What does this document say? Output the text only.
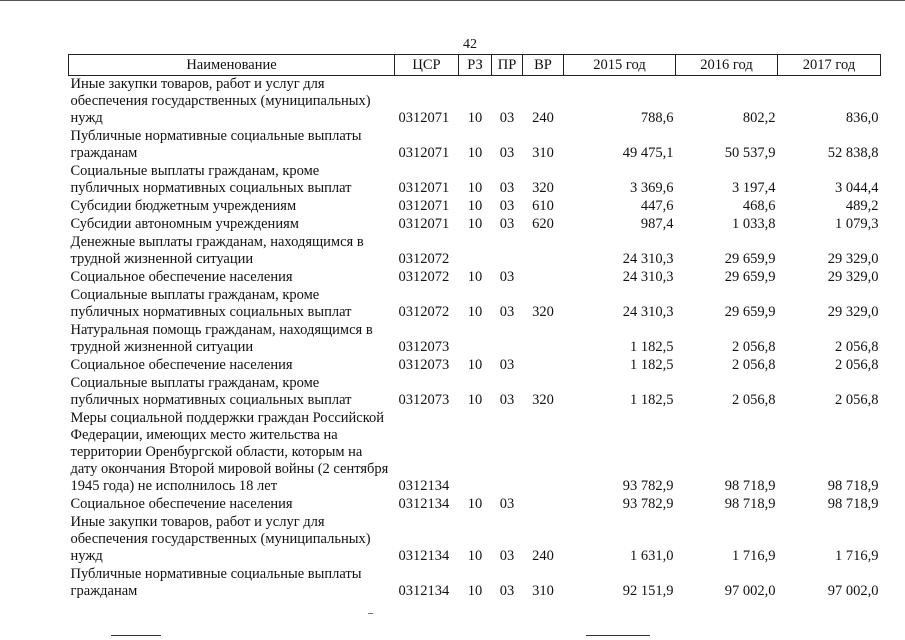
42
Наименование	ЦСР	РЗ	ПР	ВР	2015 год	2016 год	2017 год
Иные закупки товаров, работ и услуг для обеспечения государственных (муниципальных) нужд	0312071	10	03	240	788,6	802,2	836,0
Публичные нормативные социальные выплаты гражданам	0312071	10	03	310	49 475,1	50 537,9	52 838,8
Социальные выплаты гражданам, кроме публичных нормативных социальных выплат	0312071	10	03	320	3 369,6	3 197,4	3 044,4
Субсидии бюджетным учреждениям	0312071	10	03	610	447,6	468,6	489,2
Субсидии автономным учреждениям	0312071	10	03	620	987,4	1 033,8	1 079,3
Денежные выплаты гражданам, находящимся в трудной жизненной ситуации	0312072				24 310,3	29 659,9	29 329,0
Социальное обеспечение населения	0312072	10	03		24 310,3	29 659,9	29 329,0
Социальные выплаты гражданам, кроме публичных нормативных социальных выплат	0312072	10	03	320	24 310,3	29 659,9	29 329,0
Натуральная помощь гражданам, находящимся в трудной жизненной ситуации	0312073				1 182,5	2 056,8	2 056,8
Социальное обеспечение населения	0312073	10	03		1 182,5	2 056,8	2 056,8
Социальные выплаты гражданам, кроме публичных нормативных социальных выплат	0312073	10	03	320	1 182,5	2 056,8	2 056,8
Меры социальной поддержки граждан Российской Федерации, имеющих место жительства на территории Оренбургской области, которым на дату окончания Второй мировой войны (2 сентября 1945 года) не исполнилось 18 лет	0312134				93 782,9	98 718,9	98 718,9
Социальное обеспечение населения	0312134	10	03		93 782,9	98 718,9	98 718,9
Иные закупки товаров, работ и услуг для обеспечения государственных (муниципальных) нужд	0312134	10	03	240	1 631,0	1 716,9	1 716,9
Публичные нормативные социальные выплаты гражданам	0312134	10	03	310	92 151,9	97 002,0	97 002,0
